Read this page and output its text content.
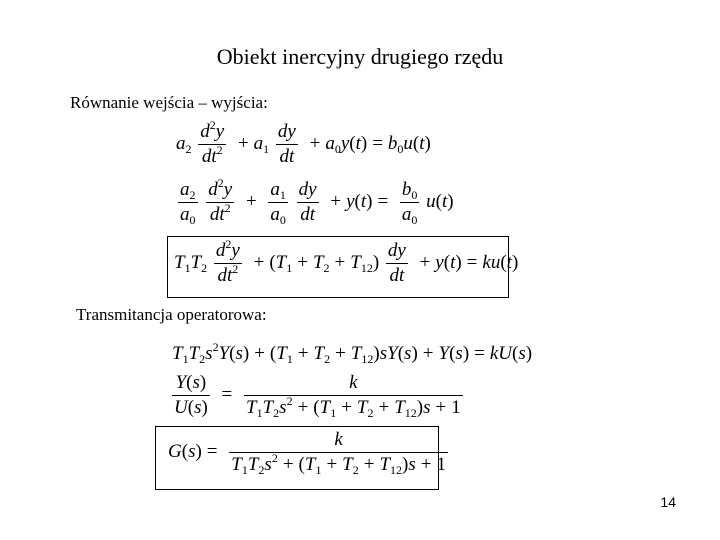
Obiekt inercyjny drugiego rzędu
Równanie wejścia – wyjścia:
$a_2 \frac{d^2y}{dt^2} + a_1 \frac{dy}{dt} + a_0y(t) = b_0u(t)$
$\frac{a_2}{a_0}$
$\frac{d^2y}{dt^2} + \frac{a_1}{a_0}$
$\frac{dy}{dt} + y(t) = \frac{b_0}{a_0} u(t)$
$T_1T_2 \frac{d^2y}{dt^2} + (T_1 + T_2 + T_{12}) \frac{dy}{dt} + y(t) = ku(t)$
Transmitancja operatorowa:
$T_1T_2s^2Y(s) + (T_1 + T_2 + T_{12})sY(s) + Y(s) = kU(s)$
$\frac{Y(s)}{U(s)} = \frac{k}{T_1T_2s^2 + (T_1 + T_2 + T_{12})s + 1}$
$G(s) = \frac{k}{T_1T_2s^2 + (T_1 + T_2 + T_{12})s + 1}$
14
